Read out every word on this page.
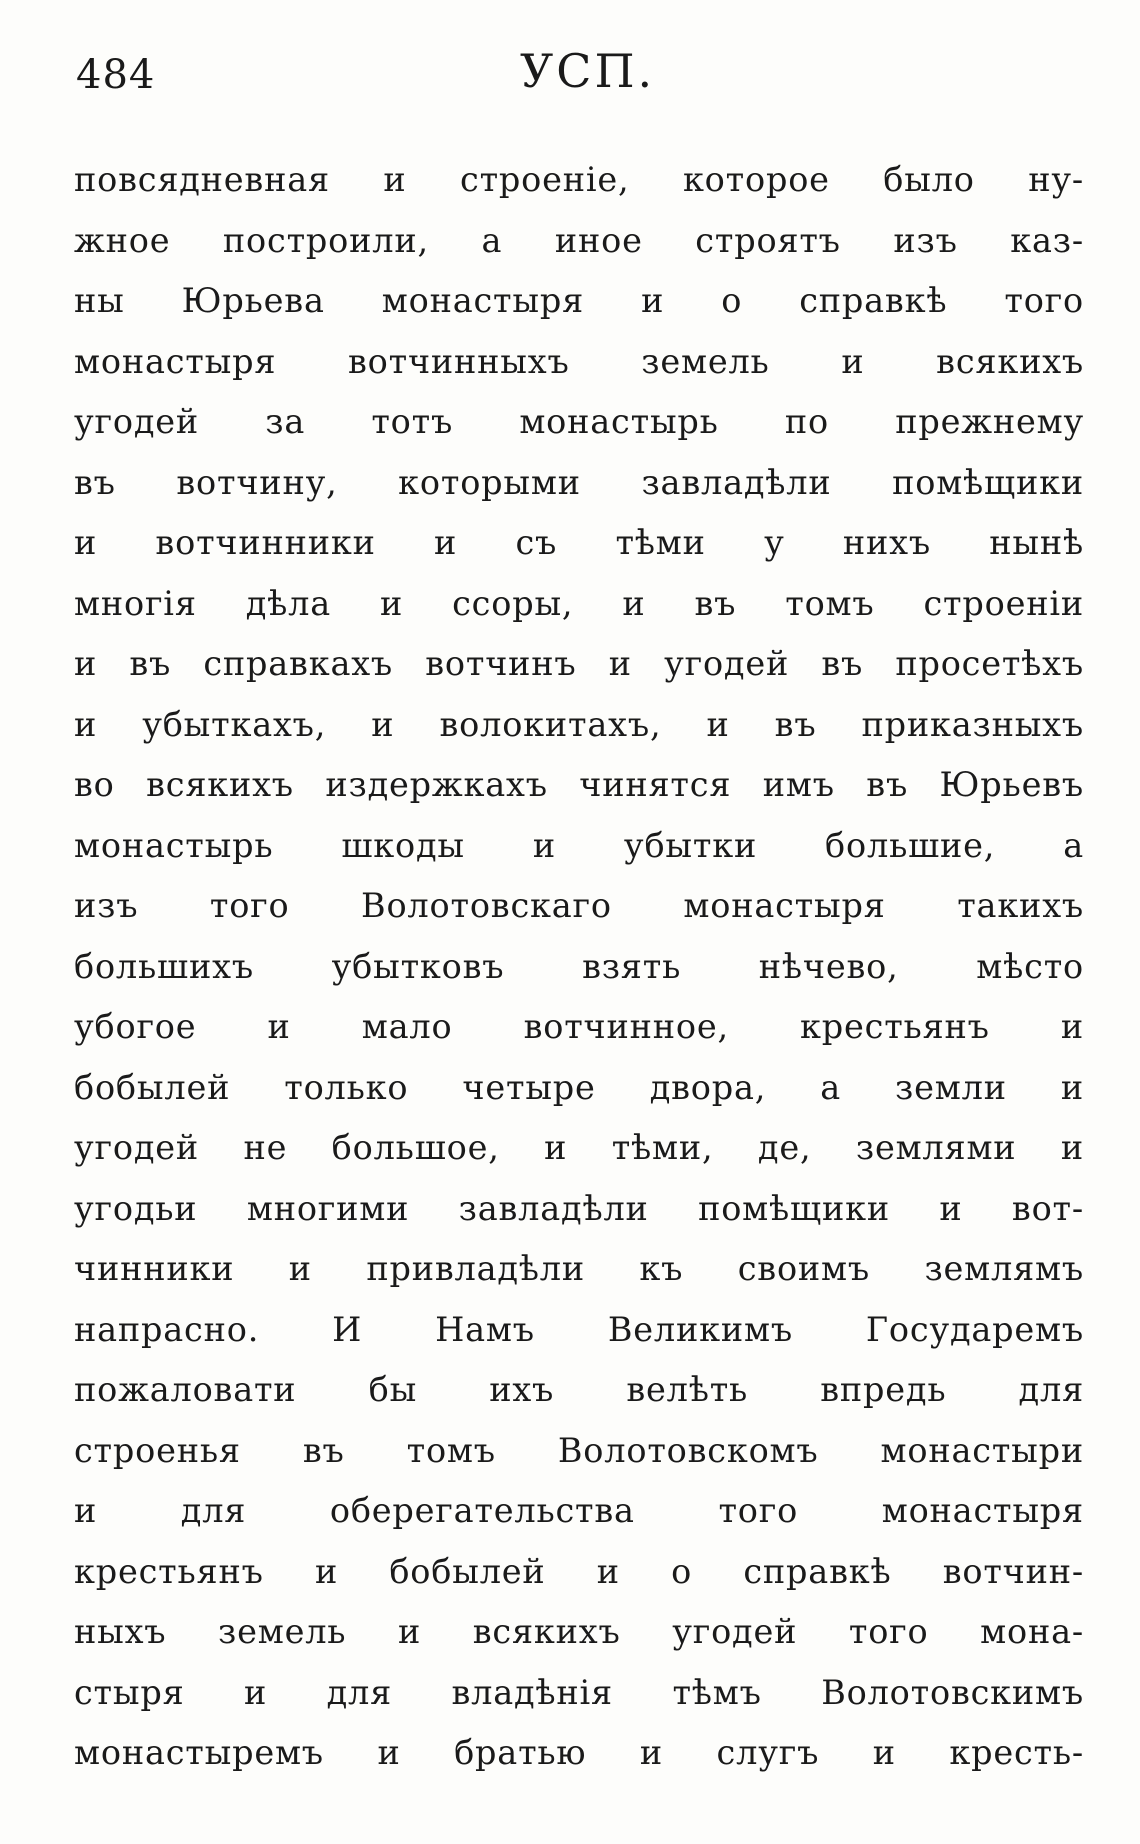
484	УСП.
повсядневная и строеніе, которое было ну-
жное построили, а иное строятъ изъ каз-
ны Юрьева монастыря и о справкѣ того
монастыря вотчинныхъ земель и всякихъ
угодей за тотъ монастырь по прежнему
въ вотчину, которыми завладѣли помѣщики
и вотчинники и съ тѣми у нихъ нынѣ
многія дѣла и ссоры, и въ томъ строеніи
и въ справкахъ вотчинъ и угодей въ просетѣхъ
и убыткахъ, и волокитахъ, и въ приказныхъ
во всякихъ издержкахъ чинятся имъ въ Юрьевъ
монастырь шкоды и убытки большие, а
изъ того Волотовскаго монастыря такихъ
большихъ убытковъ взять нѣчево, мѣсто
убогое и мало вотчинное, крестьянъ и
бобылей только четыре двора, а земли и
угодей не большое, и тѣми, де, землями и
угодьи многими завладѣли помѣщики и вот-
чинники и привладѣли къ своимъ землямъ
напрасно. И Намъ Великимъ Государемъ
пожаловати бы ихъ велѣть впредь для
строенья въ томъ Волотовскомъ монастыри
и для оберегательства того монастыря
крестьянъ и бобылей и о справкѣ вотчин-
ныхъ земель и всякихъ угодей того мона-
стыря и для владѣнія тѣмъ Волотовскимъ
монастыремъ и братью и слугъ и кресть-
